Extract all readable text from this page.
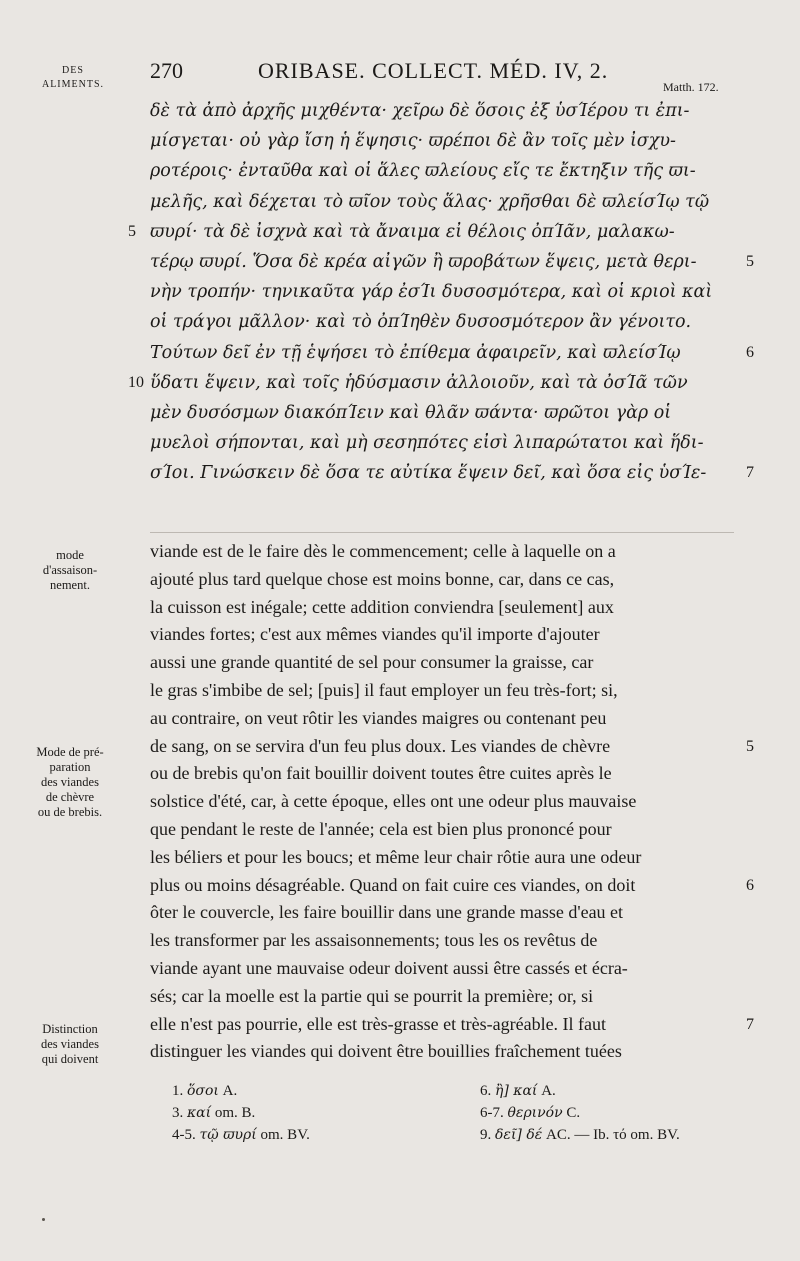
DES
ALIMENTS.
270	ORIBASE. COLLECT. MÉD. IV, 2.
Matth. 172.
δὲ τὰ ἀπὸ ἀρχῆς μιχθέντα· χεῖρω δὲ ὅσοις ἐξ ὑσΊέρου τι ἐπι-
μίσγεται· οὐ γὰρ ἴση ἡ ἕψησις· ϖρέποι δὲ ἂν τοῖς μὲν ἰσχυ-
ροτέροις· ἐνταῦθα καὶ οἱ ἅλες ϖλείους εἴς τε ἔκτηξιν τῆς ϖι-
μελῆς, καὶ δέχεται τὸ ϖῖον τοὺς ἅλας· χρῆσθαι δὲ ϖλείσΊῳ τῷ
ϖυρί· τὰ δὲ ἰσχνὰ καὶ τὰ ἄναιμα εἰ θέλοις ὀπΊᾶν, μαλακω-
τέρῳ ϖυρί. Ὅσα δὲ κρέα αἰγῶν ἢ ϖροβάτων ἕψεις, μετὰ θερι-
νὴν τροπήν· τηνικαῦτα γάρ ἐσΊι δυσοσμότερα, καὶ οἱ κριοὶ καὶ
οἱ τράγοι μᾶλλον· καὶ τὸ ὀπΊηθὲν δυσοσμότερον ἂν γένοιτο.
Τούτων δεῖ ἐν τῇ ἑψήσει τὸ ἐπίθεμα ἀφαιρεῖν, καὶ ϖλείσΊῳ
ὕδατι ἕψειν, καὶ τοῖς ἡδύσμασιν ἀλλοιοῦν, καὶ τὰ ὀσΊᾶ τῶν
μὲν δυσόσμων διακόπΊειν καὶ θλᾶν ϖάντα· ϖρῶτοι γὰρ οἱ
μυελοὶ σήπονται, καὶ μὴ σεσηπότες εἰσὶ λιπαρώτατοι καὶ ἥδι-
σΊοι. Γινώσκειν δὲ ὅσα τε αὐτίκα ἕψειν δεῖ, καὶ ὅσα εἰς ὑσΊε-
5
10
5
6
7
viande est de le faire dès le commencement; celle à laquelle on a
ajouté plus tard quelque chose est moins bonne, car, dans ce cas,
la cuisson est inégale; cette addition conviendra [seulement] aux
viandes fortes; c'est aux mêmes viandes qu'il importe d'ajouter
aussi une grande quantité de sel pour consumer la graisse, car
le gras s'imbibe de sel; [puis] il faut employer un feu très-fort; si,
au contraire, on veut rôtir les viandes maigres ou contenant peu
de sang, on se servira d'un feu plus doux. Les viandes de chèvre
ou de brebis qu'on fait bouillir doivent toutes être cuites après le
solstice d'été, car, à cette époque, elles ont une odeur plus mauvaise
que pendant le reste de l'année; cela est bien plus prononcé pour
les béliers et pour les boucs; et même leur chair rôtie aura une odeur
plus ou moins désagréable. Quand on fait cuire ces viandes, on doit
ôter le couvercle, les faire bouillir dans une grande masse d'eau et
les transformer par les assaisonnements; tous les os revêtus de
viande ayant une mauvaise odeur doivent aussi être cassés et écra-
sés; car la moelle est la partie qui se pourrit la première; or, si
elle n'est pas pourrie, elle est très-grasse et très-agréable. Il faut
distinguer les viandes qui doivent être bouillies fraîchement tuées
5
6
7
mode
d'assaison-
nement.
Mode de pré-
paration
des viandes
de chèvre
ou de brebis.
Distinction
des viandes
qui doivent
1. ὅσοι A.	6. ἢ] καί A.
3. καί om. B.	6-7. θερινόν C.
4-5. τῷ ϖυρί om. BV.	9. δεῖ] δέ AC. — Ib. τό om. BV.
